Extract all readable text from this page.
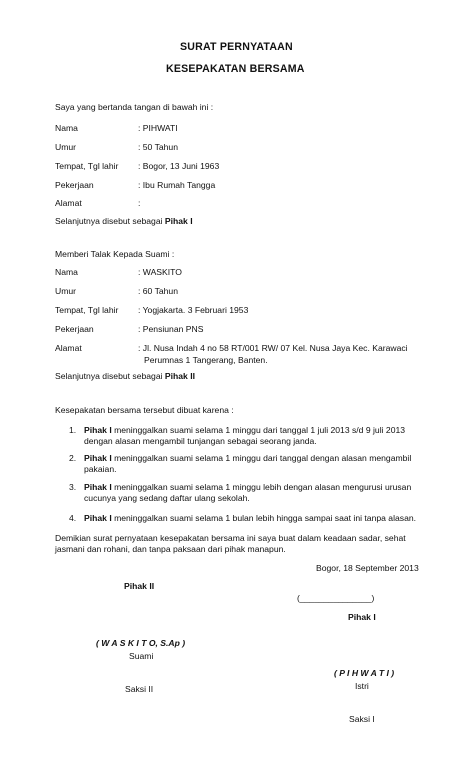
SURAT PERNYATAAN
KESEPAKATAN BERSAMA
Saya yang bertanda tangan di bawah ini :
Nama	: PIHWATI
Umur	: 50 Tahun
Tempat, Tgl lahir : Bogor, 13 Juni 1963
Pekerjaan	: Ibu Rumah Tangga
Alamat	:
Selanjutnya disebut sebagai Pihak I
Memberi Talak Kepada Suami :
Nama	: WASKITO
Umur	: 60 Tahun
Tempat, Tgl lahir : Yogjakarta. 3 Februari 1953
Pekerjaan	: Pensiunan PNS
Alamat	: Jl. Nusa Indah 4 no 58 RT/001 RW/ 07 Kel. Nusa Jaya Kec. Karawaci
Perumnas 1 Tangerang, Banten.
Selanjutnya disebut sebagai Pihak II
Kesepakatan bersama tersebut dibuat karena :
1. Pihak I meninggalkan suami selama 1 minggu dari tanggal 1 juli 2013 s/d 9 juli 2013
dengan alasan mengambil tunjangan sebagai seorang janda.
2. Pihak I meninggalkan suami selama 1 minggu dari tanggal dengan alasan mengambil
pakaian.
3. Pihak I meninggalkan suami selama 1 minggu lebih dengan alasan mengurusi urusan
cucunya yang sedang daftar ulang sekolah.
4. Pihak I meninggalkan suami selama 1 bulan lebih hingga sampai saat ini tanpa alasan.
Demikian surat pernyataan kesepakatan bersama ini saya buat dalam keadaan sadar, sehat
jasmani dan rohani, dan tanpa paksaan dari pihak manapun.
Bogor, 18 September 2013
Pihak II
(_______________)
Pihak I
( W A S K I T O, S.Ap )
Suami
( P I H W A T I )
Istri
Saksi II
Saksi I
